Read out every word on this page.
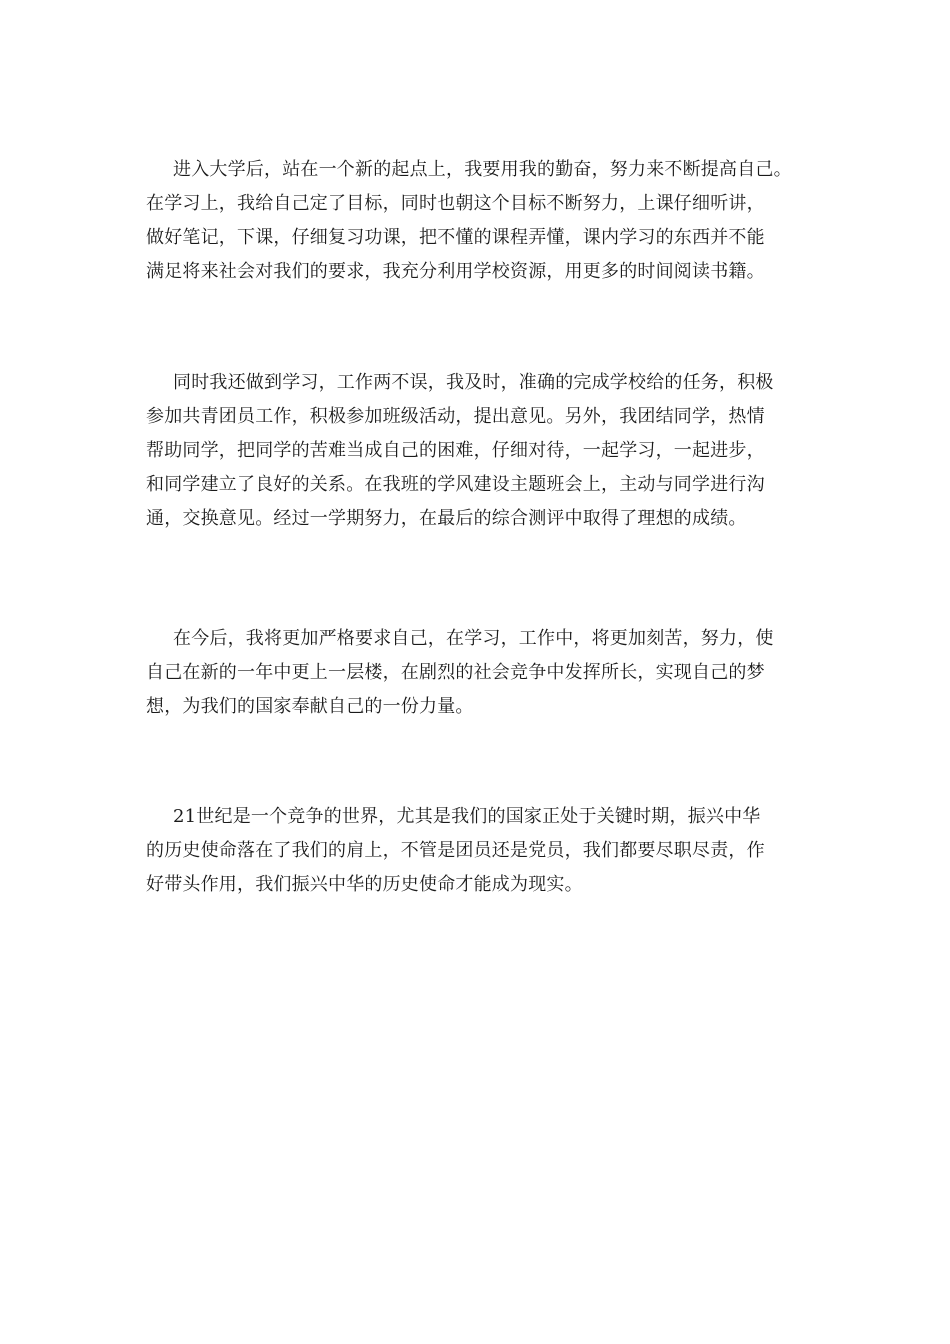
进入大学后，站在一个新的起点上，我要用我的勤奋，努力来不断提高自己。
在学习上，我给自己定了目标，同时也朝这个目标不断努力，上课仔细听讲，
做好笔记，下课，仔细复习功课，把不懂的课程弄懂，课内学习的东西并不能
满足将来社会对我们的要求，我充分利用学校资源，用更多的时间阅读书籍。
同时我还做到学习，工作两不误，我及时，准确的完成学校给的任务，积极
参加共青团员工作，积极参加班级活动，提出意见。另外，我团结同学，热情
帮助同学，把同学的苦难当成自己的困难，仔细对待，一起学习，一起进步，
和同学建立了良好的关系。在我班的学风建设主题班会上，主动与同学进行沟
通，交换意见。经过一学期努力，在最后的综合测评中取得了理想的成绩。
在今后，我将更加严格要求自己，在学习，工作中，将更加刻苦，努力，使
自己在新的一年中更上一层楼，在剧烈的社会竞争中发挥所长，实现自己的梦
想，为我们的国家奉献自己的一份力量。
21世纪是一个竞争的世界，尤其是我们的国家正处于关键时期，振兴中华
的历史使命落在了我们的肩上，不管是团员还是党员，我们都要尽职尽责，作
好带头作用，我们振兴中华的历史使命才能成为现实。
